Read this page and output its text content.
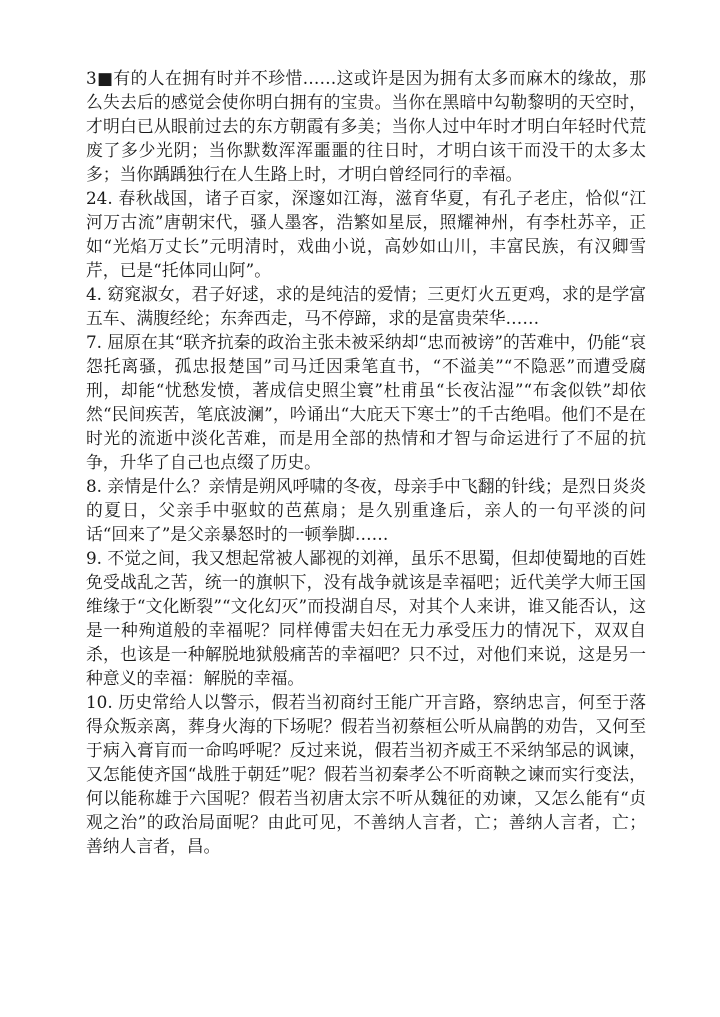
3■有的人在拥有时并不珍惜……这或许是因为拥有太多而麻木的缘故，那么失去后的感觉会使你明白拥有的宝贵。当你在黑暗中勾勒黎明的天空时，才明白已从眼前过去的东方朝霞有多美；当你人过中年时才明白年轻时代荒废了多少光阴；当你默数浑浑噩噩的往日时，才明白该干而没干的太多太多；当你踽踽独行在人生路上时，才明白曾经同行的幸福。

24. 春秋战国，诸子百家，深邃如江海，滋育华夏，有孔子老庄，恰似“江河万古流”唐朝宋代，骚人墨客，浩繁如星辰，照耀神州，有李杜苏辛，正如“光焰万丈长”元明清时，戏曲小说，高妙如山川，丰富民族，有汉卿雪芹，已是“托体同山阿”。

4. 窈窕淑女，君子好逑，求的是纯洁的爱情；三更灯火五更鸡，求的是学富五车、满腹经纶；东奔西走，马不停蹄，求的是富贵荣华……

7. 屈原在其“联齐抗秦的政治主张未被采纳却“忠而被谤”的苦难中，仍能“哀怨托离骚，孤忠报楚国”司马迁因秉笔直书，“不溢美”“不隐恶”而遭受腐刑，却能“忧愁发愤，著成信史照尘寰”杜甫虽“长夜沾湿”“布衾似铁”却依然“民间疾苦，笔底波澜”，吟诵出“大庇天下寒士”的千古绝唱。他们不是在时光的流逝中淡化苦难，而是用全部的热情和才智与命运进行了不屈的抗争，升华了自己也点缀了历史。

8. 亲情是什么？亲情是朔风呼啸的冬夜，母亲手中飞翻的针线；是烈日炎炎的夏日，父亲手中驱蚊的芭蕉扇；是久别重逢后，亲人的一句平淡的问话“回来了”是父亲暴怒时的一顿拳脚……

9. 不觉之间，我又想起常被人鄙视的刘禅，虽乐不思蜀，但却使蜀地的百姓免受战乱之苦，统一的旗帜下，没有战争就该是幸福吧；近代美学大师王国维缘于“文化断裂”“文化幻灭”而投湖自尽，对其个人来讲，谁又能否认，这是一种殉道般的幸福呢？同样傅雷夫妇在无力承受压力的情况下，双双自杀，也该是一种解脱地狱般痛苦的幸福吧？只不过，对他们来说，这是另一种意义的幸福：解脱的幸福。

10. 历史常给人以警示，假若当初商纣王能广开言路，察纳忠言，何至于落得众叛亲离，葬身火海的下场呢？假若当初蔡桓公听从扁鹊的劝告，又何至于病入膏肓而一命呜呼呢？反过来说，假若当初齐威王不采纳邹忌的讽谏，又怎能使齐国“战胜于朝廷”呢？假若当初秦孝公不听商鞅之谏而实行变法，何以能称雄于六国呢？假若当初唐太宗不听从魏征的劝谏，又怎么能有“贞观之治”的政治局面呢？由此可见，不善纳人言者，亡；善纳人言者，亡；善纳人言者，昌。
